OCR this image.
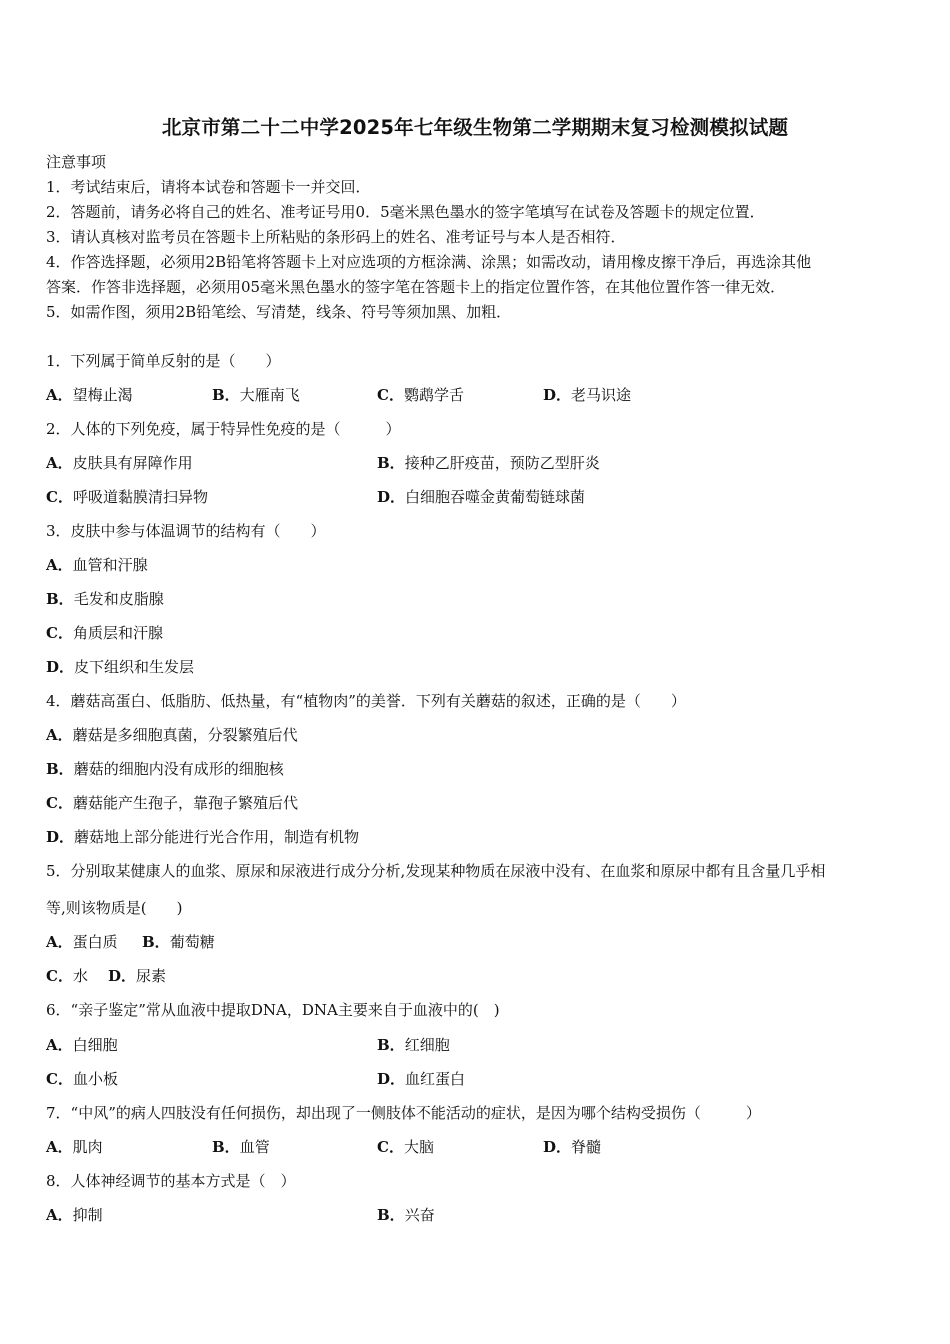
北京市第二十二中学2025年七年级生物第二学期期末复习检测模拟试题
注意事项
1．考试结束后，请将本试卷和答题卡一并交回．
2．答题前，请务必将自己的姓名、准考证号用0．5毫米黑色墨水的签字笔填写在试卷及答题卡的规定位置．
3．请认真核对监考员在答题卡上所粘贴的条形码上的姓名、准考证号与本人是否相符．
4．作答选择题，必须用2B铅笔将答题卡上对应选项的方框涂满、涂黑；如需改动，请用橡皮擦干净后，再选涂其他
答案．作答非选择题，必须用05毫米黑色墨水的签字笔在答题卡上的指定位置作答，在其他位置作答一律无效．
5．如需作图，须用2B铅笔绘、写清楚，线条、符号等须加黑、加粗．
1．下列属于简单反射的是（　　）
A．望梅止渴	B．大雁南飞	C．鹦鹉学舌	D．老马识途
2．人体的下列免疫，属于特异性免疫的是（　　　）
A．皮肤具有屏障作用	B．接种乙肝疫苗，预防乙型肝炎
C．呼吸道黏膜清扫异物	D．白细胞吞噬金黄葡萄链球菌
3．皮肤中参与体温调节的结构有（　　）
A．血管和汗腺
B．毛发和皮脂腺
C．角质层和汗腺
D．皮下组织和生发层
4．蘑菇高蛋白、低脂肪、低热量，有“植物肉”的美誉．下列有关蘑菇的叙述，正确的是（　　）
A．蘑菇是多细胞真菌，分裂繁殖后代
B．蘑菇的细胞内没有成形的细胞核
C．蘑菇能产生孢子，靠孢子繁殖后代
D．蘑菇地上部分能进行光合作用，制造有机物
5．分别取某健康人的血浆、原尿和尿液进行成分分析,发现某种物质在尿液中没有、在血浆和原尿中都有且含量几乎相
等,则该物质是(　　)
A．蛋白质 B．葡萄糖
C．水 D．尿素
6．“亲子鉴定”常从血液中提取DNA，DNA主要来自于血液中的(　)
A．白细胞	B．红细胞
C．血小板	D．血红蛋白
7．“中风”的病人四肢没有任何损伤，却出现了一侧肢体不能活动的症状，是因为哪个结构受损伤（　　　）
A．肌肉	B．血管	C．大脑	D．脊髓
8．人体神经调节的基本方式是（　）
A．抑制	B．兴奋
